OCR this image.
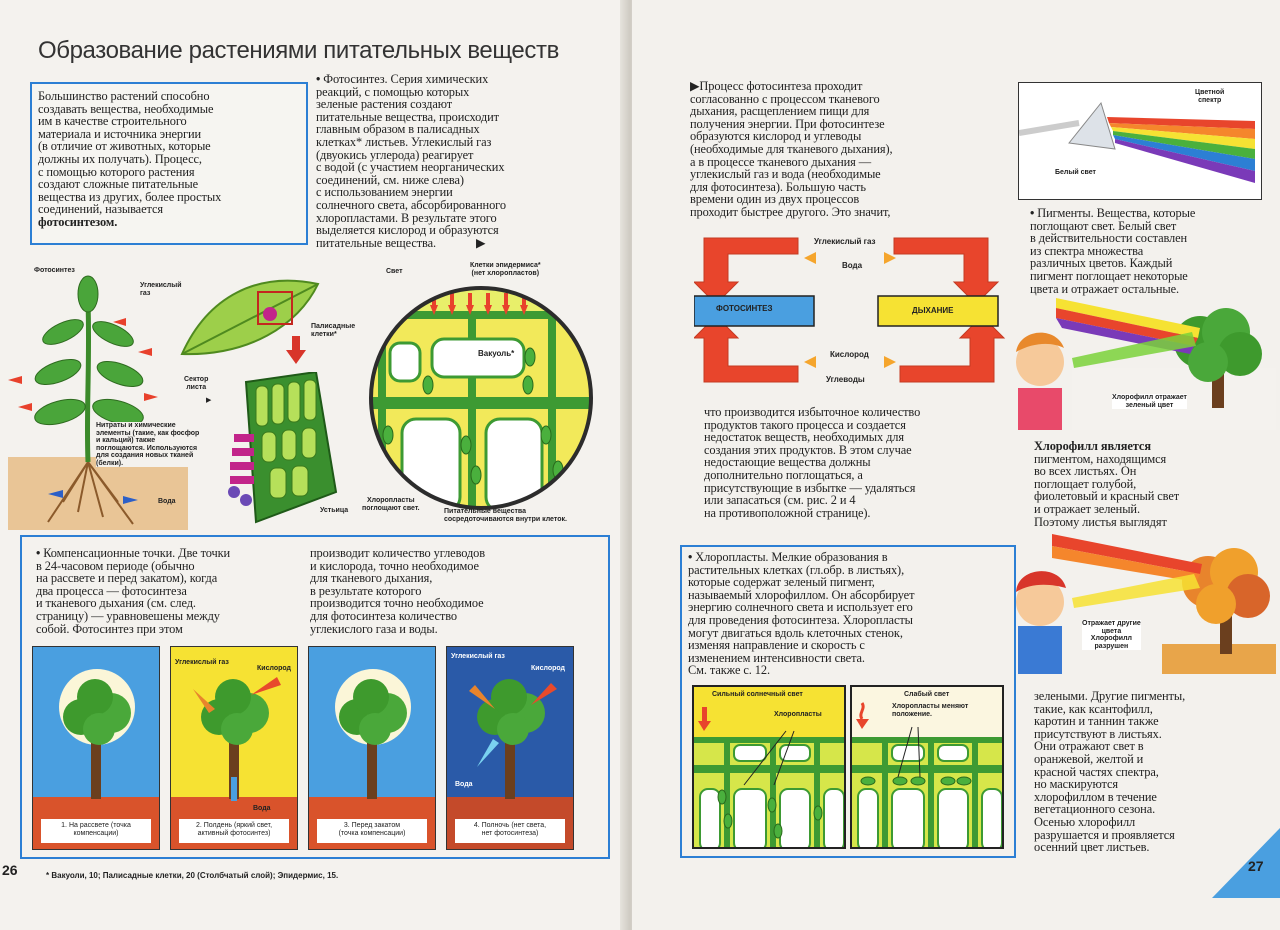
Образование растениями питательных веществ
Большинство растений способно
создавать вещества, необходимые
им в качестве строительного
материала и источника энергии
(в отличие от животных, которые
должны их получать). Процесс,
с помощью которого растения
создают сложные питательные
вещества из других, более простых
соединений, называется
фотосинтезом.
• Фотосинтез. Серия химических
реакций, с помощью которых
зеленые растения создают
питательные вещества, происходит
главным образом в палисадных
клетках* листьев. Углекислый газ
(двуокись углерода) реагирует
с водой (с участием неорганических
соединений, см. ниже слева)
с использованием энергии
солнечного света, абсорбированного
хлоропластами. В результате этого
выделяется кислород и образуются
питательные вещества.	▶
Фотосинтез
Углекислый
газ
Нитраты и химические
элементы (такие, как фосфор
и кальций) также
поглощаются. Используются
для создания новых тканей
(белки).
Вода
Сектор
листа
▶
Палисадные
клетки*
Устьица
Вакуоль*
Свет
Клетки эпидермиса*
(нет хлоропластов)
Хлоропласты
поглощают свет.	Питательные вещества
сосредоточиваются внутри клеток.
• Компенсационные точки. Две точки
в 24-часовом периоде (обычно
на рассвете и перед закатом), когда
два процесса — фотосинтеза
и тканевого дыхания (см. след.
страницу) — уравновешены между
собой. Фотосинтез при этом
производит количество углеводов
и кислорода, точно необходимое
для тканевого дыхания,
в результате которого
производится точно необходимое
для фотосинтеза количество
углекислого газа и воды.
1. На рассвете (точка
компенсации)
Углекислый газ
Кислород
Вода
2. Полдень (яркий свет,
активный фотосинтез)
3. Перед закатом
(точка компенсации)
Углекислый газ
Кислород
Вода
4. Полночь (нет света,
нет фотосинтеза)
26	* Вакуоли, 10; Палисадные клетки, 20 (Столбчатый слой); Эпидермис, 15.
▶Процесс фотосинтеза проходит
согласованно с процессом тканевого
дыхания, расщеплением пищи для
получения энергии. При фотосинтезе
образуются кислород и углеводы
(необходимые для тканевого дыхания),
а в процессе тканевого дыхания —
углекислый газ и вода (необходимые
для фотосинтеза). Большую часть
времени один из двух процессов
проходит быстрее другого. Это значит,
Углекислый газ
Вода
ФОТОСИНТЕЗ	ДЫХАНИЕ
Кислород
Углеводы
что производится избыточное количество
продуктов такого процесса и создается
недостаток веществ, необходимых для
создания этих продуктов. В этом случае
недостающие вещества должны
дополнительно поглощаться, а
присутствующие в избытке — удаляться
или запасаться (см. рис. 2 и 4
на противоположной странице).
Цветной
спектр
Белый свет
• Пигменты. Вещества, которые
поглощают свет. Белый свет
в действительности составлен
из спектра множества
различных цветов. Каждый
пигмент поглощает некоторые
цвета и отражает остальные.
Хлорофилл отражает
зеленый цвет
Хлорофилл является
пигментом, находящимся
во всех листьях. Он
поглощает голубой,
фиолетовый и красный свет
и отражает зеленый.
Поэтому листья выглядят
Отражает другие
цвета
Хлорофилл
разрушен
• Хлоропласты. Мелкие образования в
растительных клетках (гл.обр. в листьях),
которые содержат зеленый пигмент,
называемый хлорофиллом. Он абсорбирует
энергию солнечного света и использует его
для проведения фотосинтеза. Хлоропласты
могут двигаться вдоль клеточных стенок,
изменяя направление и скорость с
изменением интенсивности света.
См. также с. 12.
Сильный солнечный свет
Хлоропласты
Слабый свет
Хлоропласты меняют
положение.
зелеными. Другие пигменты,
такие, как ксантофилл,
каротин и таннин также
присутствуют в листьях.
Они отражают свет в
оранжевой, желтой и
красной частях спектра,
но маскируются
хлорофиллом в течение
вегетационного сезона.
Осенью хлорофилл
разрушается и проявляется
осенний цвет листьев.
27
